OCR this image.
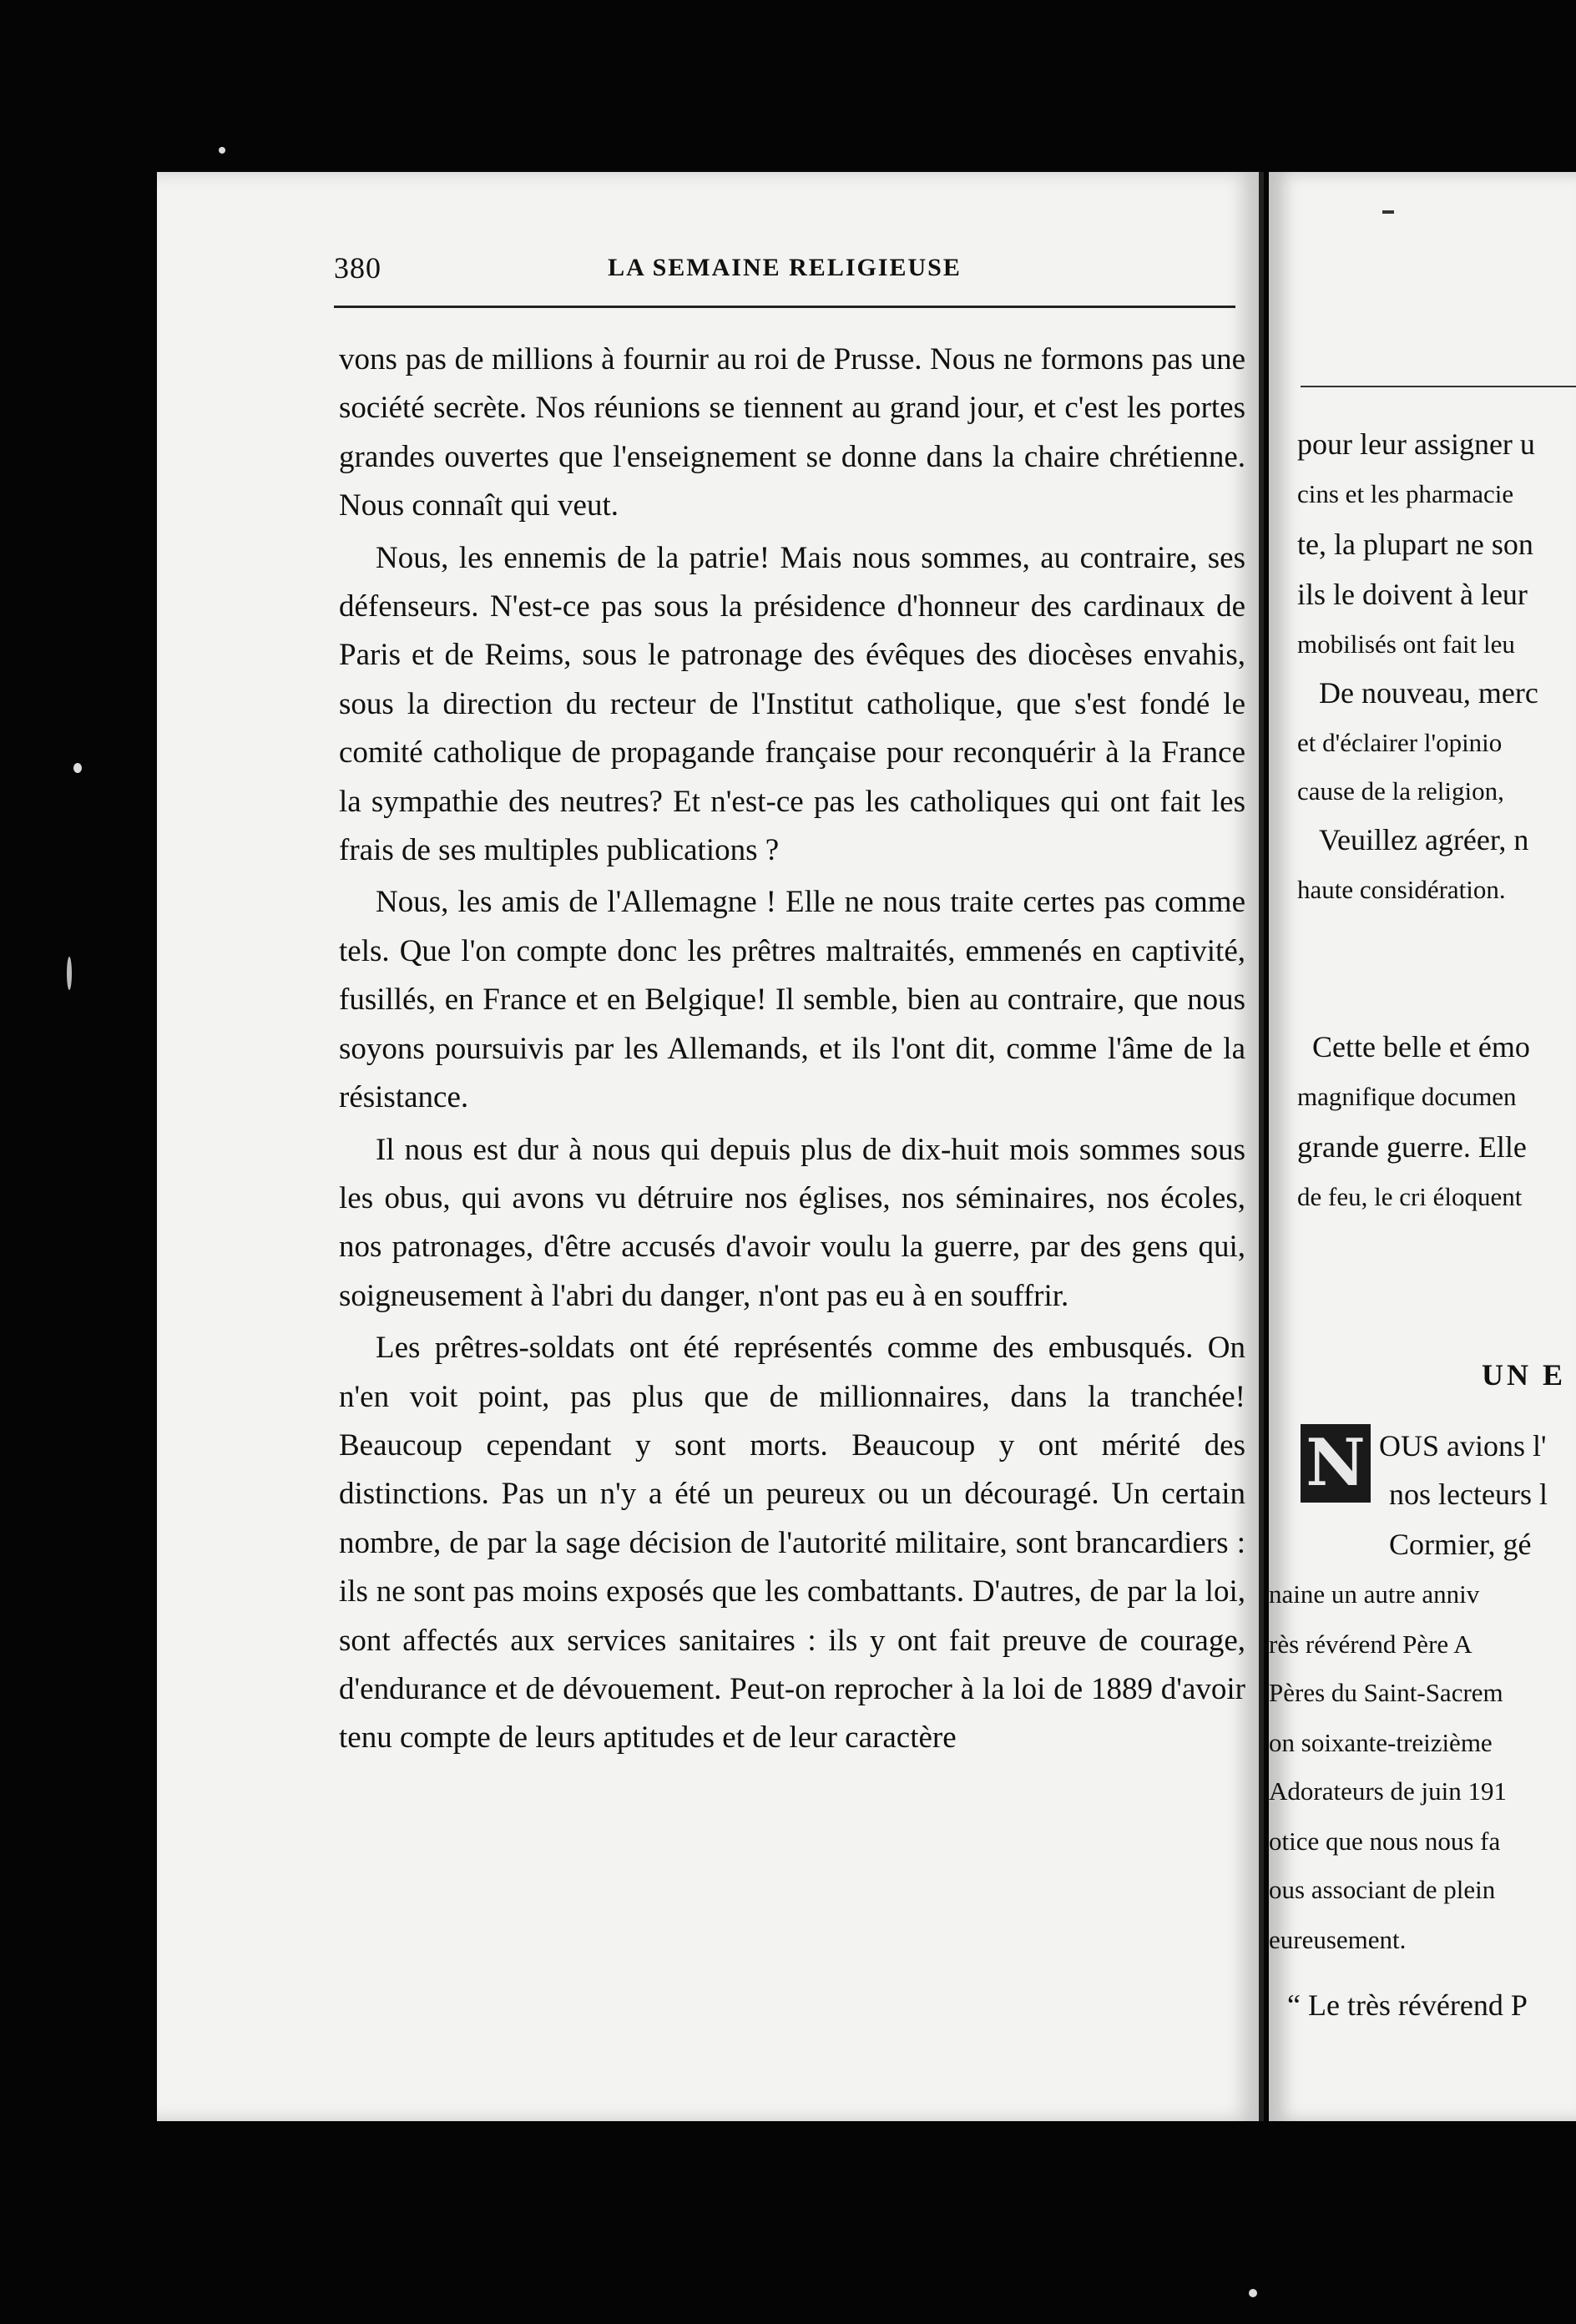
380	LA SEMAINE RELIGIEUSE

vons pas de millions à fournir au roi de Prusse. Nous ne formons pas une société secrète. Nos réunions se tiennent au grand jour, et c'est les portes grandes ouvertes que l'enseignement se donne dans la chaire chrétienne. Nous connaît qui veut.

Nous, les ennemis de la patrie! Mais nous sommes, au contraire, ses défenseurs. N'est-ce pas sous la présidence d'honneur des cardinaux de Paris et de Reims, sous le patronage des évêques des diocèses envahis, sous la direction du recteur de l'Institut catholique, que s'est fondé le comité catholique de propagande française pour reconquérir à la France la sympathie des neutres? Et n'est-ce pas les catholiques qui ont fait les frais de ses multiples publications ?

Nous, les amis de l'Allemagne ! Elle ne nous traite certes pas comme tels. Que l'on compte donc les prêtres maltraités, emmenés en captivité, fusillés, en France et en Belgique! Il semble, bien au contraire, que nous soyons poursuivis par les Allemands, et ils l'ont dit, comme l'âme de la résistance.

Il nous est dur à nous qui depuis plus de dix-huit mois sommes sous les obus, qui avons vu détruire nos églises, nos séminaires, nos écoles, nos patronages, d'être accusés d'avoir voulu la guerre, par des gens qui, soigneusement à l'abri du danger, n'ont pas eu à en souffrir.

Les prêtres-soldats ont été représentés comme des embusqués. On n'en voit point, pas plus que de millionnaires, dans la tranchée! Beaucoup cependant y sont morts. Beaucoup y ont mérité des distinctions. Pas un n'y a été un peureux ou un découragé. Un certain nombre, de par la sage décision de l'autorité militaire, sont brancardiers : ils ne sont pas moins exposés que les combattants. D'autres, de par la loi, sont affectés aux services sanitaires : ils y ont fait preuve de courage, d'endurance et de dévouement. Peut-on reprocher à la loi de 1889 d'avoir tenu compte de leurs aptitudes et de leur caractère

pour leur assigner u
cins et les pharmacie
te, la plupart ne son
ils le doivent à leur
mobilisés ont fait leu
De nouveau, merc
et d'éclairer l'opinio
cause de la religion,
Veuillez agréer, n
haute considération.
Cette belle et émo
magnifique documen
grande guerre. Elle
de feu, le cri éloquent
UN E
N OUS avions l'
nos lecteurs l
Cormier, gé
naine un autre anniv
rès révérend Père A
Pères du Saint-Sacrem
on soixante-treizième
Adorateurs de juin 191
otice que nous nous fa
ous associant de plein
eureusement.
“ Le très révérend P
